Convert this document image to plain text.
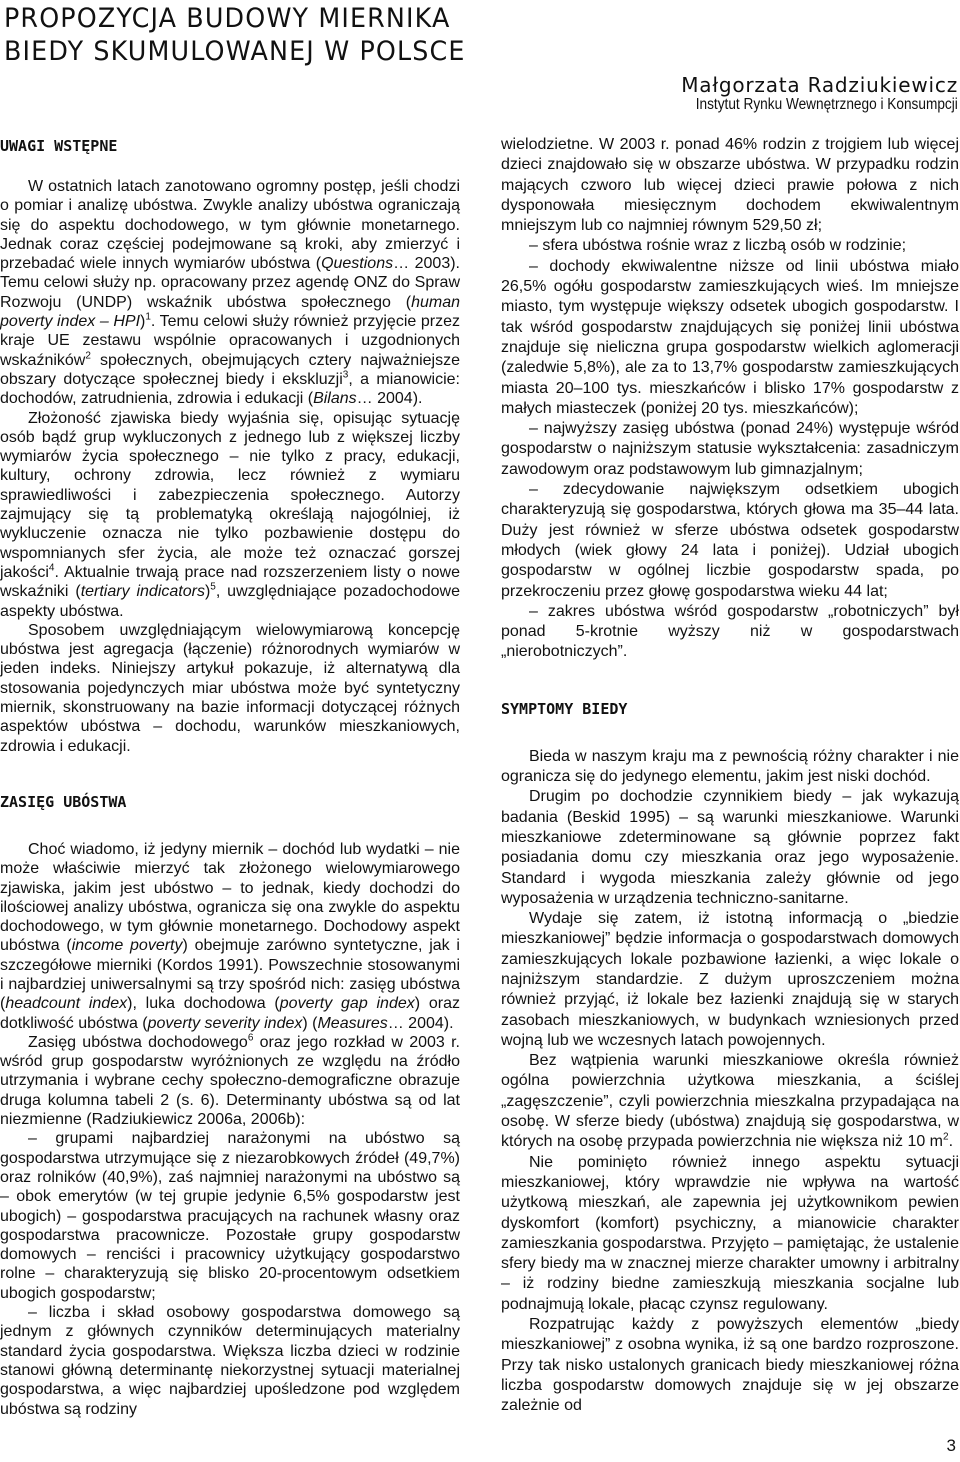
PROPOZYCJA BUDOWY MIERNIKA
BIEDY SKUMULOWANEJ W POLSCE
Małgorzata Radziukiewicz
Instytut Rynku Wewnętrznego i Konsumpcji
UWAGI WSTĘPNE

W ostatnich latach zanotowano ogromny postęp, jeśli chodzi o pomiar i analizę ubóstwa. Zwykle analizy ubóstwa ograniczają się do aspektu dochodowego, w tym głównie monetarnego. Jednak coraz częściej podejmowane są kroki, aby zmierzyć i przebadać wiele innych wymiarów ubóstwa (Questions… 2003). Temu celowi służy np. opracowany przez agendę ONZ do Spraw Rozwoju (UNDP) wskaźnik ubóstwa społecznego (human poverty index – HPI)$^1$. Temu celowi służy również przyjęcie przez kraje UE zestawu wspólnie opracowanych i uzgodnionych wskaźników$^2$ społecznych, obejmujących cztery najważniejsze obszary dotyczące społecznej biedy i ekskluzji$^3$, a mianowicie: dochodów, zatrudnienia, zdrowia i edukacji (Bilans… 2004).

Złożoność zjawiska biedy wyjaśnia się, opisując sytuację osób bądź grup wykluczonych z jednego lub z większej liczby wymiarów życia społecznego – nie tylko z pracy, edukacji, kultury, ochrony zdrowia, lecz również z wymiaru sprawiedliwości i zabezpieczenia społecznego. Autorzy zajmujący się tą problematyką określają najogólniej, iż wykluczenie oznacza nie tylko pozbawienie dostępu do wspomnianych sfer życia, ale może też oznaczać gorszej jakości$^4$. Aktualnie trwają prace nad rozszerzeniem listy o nowe wskaźniki (tertiary indicators)$^5$, uwzględniające pozadochodowe aspekty ubóstwa.

Sposobem uwzględniającym wielowymiarową koncepcję ubóstwa jest agregacja (łączenie) różnorodnych wymiarów w jeden indeks. Niniejszy artykuł pokazuje, iż alternatywą dla stosowania pojedynczych miar ubóstwa może być syntetyczny miernik, skonstruowany na bazie informacji dotyczącej różnych aspektów ubóstwa – dochodu, warunków mieszkaniowych, zdrowia i edukacji.

ZASIĘG UBÓSTWA

Choć wiadomo, iż jedyny miernik – dochód lub wydatki – nie może właściwie mierzyć tak złożonego wielowymiarowego zjawiska, jakim jest ubóstwo – to jednak, kiedy dochodzi do ilościowej analizy ubóstwa, ogranicza się ona zwykle do aspektu dochodowego, w tym głównie monetarnego. Dochodowy aspekt ubóstwa (income poverty) obejmuje zarówno syntetyczne, jak i szczegółowe mierniki (Kordos 1991). Powszechnie stosowanymi i najbardziej uniwersalnymi są trzy spośród nich: zasięg ubóstwa (headcount index), luka dochodowa (poverty gap index) oraz dotkliwość ubóstwa (poverty severity index) (Measures… 2004).

Zasięg ubóstwa dochodowego$^6$ oraz jego rozkład w 2003 r. wśród grup gospodarstw wyróżnionych ze względu na źródło utrzymania i wybrane cechy społeczno-demograficzne obrazuje druga kolumna tabeli 2 (s. 6). Determinanty ubóstwa są od lat niezmienne (Radziukiewicz 2006a, 2006b):

– grupami najbardziej narażonymi na ubóstwo są gospodarstwa utrzymujące się z niezarobkowych źródeł (49,7%) oraz rolników (40,9%), zaś najmniej narażonymi na ubóstwo są – obok emerytów (w tej grupie jedynie 6,5% gospodarstw jest ubogich) – gospodarstwa pracujących na rachunek własny oraz gospodarstwa pracownicze. Pozostałe grupy gospodarstw domowych – renciści i pracownicy użytkujący gospodarstwo rolne – charakteryzują się blisko 20-procentowym odsetkiem ubogich gospodarstw;

– liczba i skład osobowy gospodarstwa domowego są jednym z głównych czynników determinujących materialny standard życia gospodarstwa. Większa liczba dzieci w rodzinie stanowi główną determinantę niekorzystnej sytuacji materialnej gospodarstwa, a więc najbardziej upośledzone pod względem ubóstwa są rodziny

wielodzietne. W 2003 r. ponad 46% rodzin z trojgiem lub więcej dzieci znajdowało się w obszarze ubóstwa. W przypadku rodzin mających czworo lub więcej dzieci prawie połowa z nich dysponowała miesięcznym dochodem ekwiwalentnym mniejszym lub co najmniej równym 529,50 zł;

– sfera ubóstwa rośnie wraz z liczbą osób w rodzinie;

– dochody ekwiwalentne niższe od linii ubóstwa miało 26,5% ogółu gospodarstw zamieszkujących wieś. Im mniejsze miasto, tym występuje większy odsetek ubogich gospodarstw. I tak wśród gospodarstw znajdujących się poniżej linii ubóstwa znajduje się nieliczna grupa gospodarstw wielkich aglomeracji (zaledwie 5,8%), ale za to 13,7% gospodarstw zamieszkujących miasta 20–100 tys. mieszkańców i blisko 17% gospodarstw z małych miasteczek (poniżej 20 tys. mieszkańców);

– najwyższy zasięg ubóstwa (ponad 24%) występuje wśród gospodarstw o najniższym statusie wykształcenia: zasadniczym zawodowym oraz podstawowym lub gimnazjalnym;

– zdecydowanie największym odsetkiem ubogich charakteryzują się gospodarstwa, których głowa ma 35–44 lata. Duży jest również w sferze ubóstwa odsetek gospodarstw młodych (wiek głowy 24 lata i poniżej). Udział ubogich gospodarstw w ogólnej liczbie gospodarstw spada, po przekroczeniu przez głowę gospodarstwa wieku 44 lat;

– zakres ubóstwa wśród gospodarstw „robotniczych” był ponad 5-krotnie wyższy niż w gospodarstwach „nierobotniczych”.

SYMPTOMY BIEDY

Bieda w naszym kraju ma z pewnością różny charakter i nie ogranicza się do jedynego elementu, jakim jest niski dochód.

Drugim po dochodzie czynnikiem biedy – jak wykazują badania (Beskid 1995) – są warunki mieszkaniowe. Warunki mieszkaniowe zdeterminowane są głównie poprzez fakt posiadania domu czy mieszkania oraz jego wyposażenie. Standard i wygoda mieszkania zależy głównie od jego wyposażenia w urządzenia techniczno-sanitarne.

Wydaje się zatem, iż istotną informacją o „biedzie mieszkaniowej” będzie informacja o gospodarstwach domowych zamieszkujących lokale pozbawione łazienki, a więc lokale o najniższym standardzie. Z dużym uproszczeniem można również przyjąć, iż lokale bez łazienki znajdują się w starych zasobach mieszkaniowych, w budynkach wzniesionych przed wojną lub we wczesnych latach powojennych.

Bez wątpienia warunki mieszkaniowe określa również ogólna powierzchnia użytkowa mieszkania, a ściślej „zagęszczenie”, czyli powierzchnia mieszkalna przypadająca na osobę. W sferze biedy (ubóstwa) znajdują się gospodarstwa, w których na osobę przypada powierzchnia nie większa niż 10 $m^2$.

Nie pominięto również innego aspektu sytuacji mieszkaniowej, który wprawdzie nie wpływa na wartość użytkową mieszkań, ale zapewnia jej użytkownikom pewien dyskomfort (komfort) psychiczny, a mianowicie charakter zamieszkania gospodarstwa. Przyjęto – pamiętając, że ustalenie sfery biedy ma w znacznej mierze charakter umowny i arbitralny – iż rodziny biedne zamieszkują mieszkania socjalne lub podnajmują lokale, płacąc czynsz regulowany.

Rozpatrując każdy z powyższych elementów „biedy mieszkaniowej” z osobna wynika, iż są one bardzo rozproszone. Przy tak nisko ustalonych granicach biedy mieszkaniowej różna liczba gospodarstw domowych znajduje się w jej obszarze zależnie od

3
